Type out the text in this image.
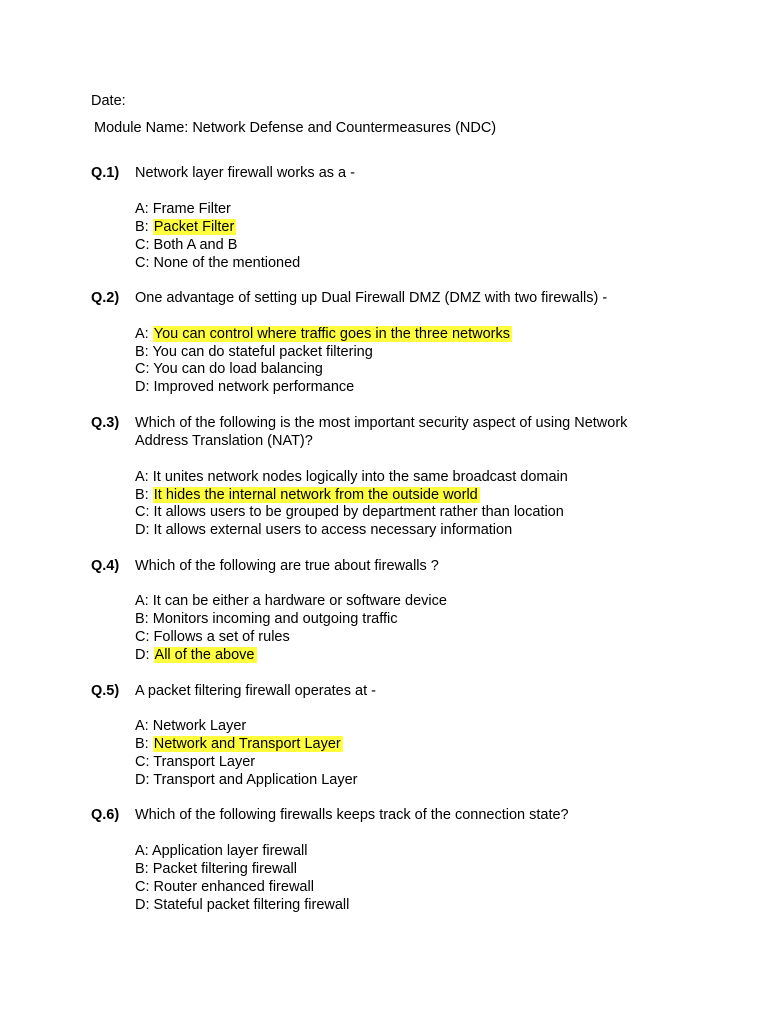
Date:
Module Name: Network Defense and Countermeasures (NDC)
Q.1) Network layer firewall works as a -
A: Frame Filter
B: Packet Filter
C: Both A and B
C: None of the mentioned
Q.2) One advantage of setting up Dual Firewall DMZ (DMZ with two firewalls) -
A: You can control where traffic goes in the three networks
B: You can do stateful packet filtering
C: You can do load balancing
D: Improved network performance
Q.3) Which of the following is the most important security aspect of using Network
Address Translation (NAT)?
A: It unites network nodes logically into the same broadcast domain
B: It hides the internal network from the outside world
C: It allows users to be grouped by department rather than location
D: It allows external users to access necessary information
Q.4) Which of the following are true about firewalls ?
A: It can be either a hardware or software device
B: Monitors incoming and outgoing traffic
C: Follows a set of rules
D: All of the above
Q.5) A packet filtering firewall operates at -
A: Network Layer
B: Network and Transport Layer
C: Transport Layer
D: Transport and Application Layer
Q.6) Which of the following firewalls keeps track of the connection state?
A: Application layer firewall
B: Packet filtering firewall
C: Router enhanced firewall
D: Stateful packet filtering firewall
